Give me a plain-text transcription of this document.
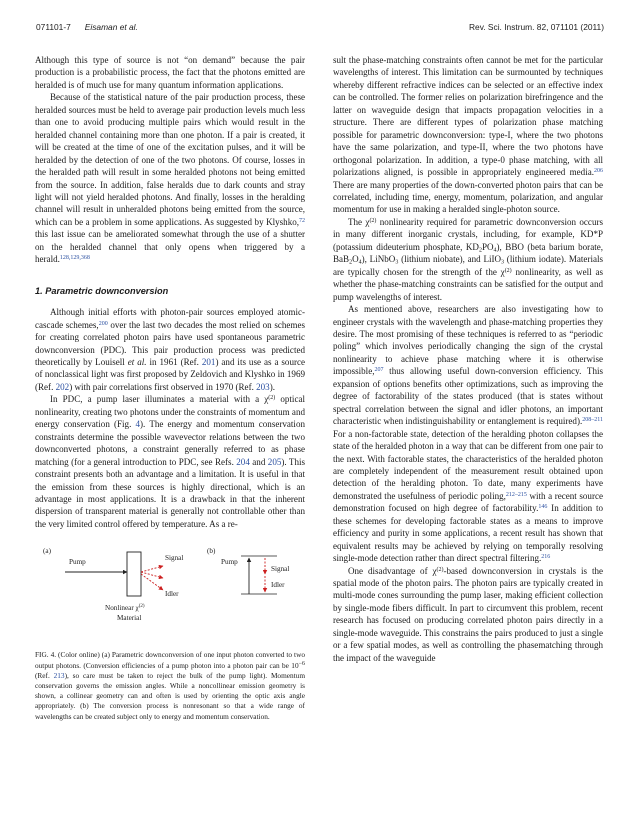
071101-7 Eisaman et al.	Rev. Sci. Instrum. 82, 071101 (2011)

Although this type of source is not “on demand” because the pair production is a probabilistic process, the fact that the photons emitted are heralded is of much use for many quantum information applications.

Because of the statistical nature of the pair production process, these heralded sources must be held to average pair production levels much less than one to avoid producing multiple pairs which would result in the heralded channel containing more than one photon. If a pair is created, it will be created at the time of one of the excitation pulses, and it will be heralded by the detection of one of the two photons. Of course, losses in the heralded path will result in some heralded photons not being emitted from the source. In addition, false heralds due to dark counts and stray light will not yield heralded photons. And finally, losses in the heralding channel will result in unheralded photons being emitted from the source, which can be a problem in some applications. As suggested by Klyshko,$^{72}$ this last issue can be ameliorated somewhat through the use of a shutter on the heralded channel that only opens when triggered by a herald.$^{128,129,368}$

1. Parametric downconversion

Although initial efforts with photon-pair sources employed atomic-cascade schemes,$^{200}$ over the last two decades the most relied on schemes for creating correlated photon pairs have used spontaneous parametric downconversion (PDC). This pair production process was predicted theoretically by Louisell et al. in 1961 (Ref. 201) and its use as a source of nonclassical light was first proposed by Zeldovich and Klyshko in 1969 (Ref. 202) with pair correlations first observed in 1970 (Ref. 203).

In PDC, a pump laser illuminates a material with a $\chi^{(2)}$ optical nonlinearity, creating two photons under the constraints of momentum and energy conservation (Fig. 4). The energy and momentum conservation constraints determine the possible wavevector relations between the two downconverted photons, a constraint generally referred to as phase matching (for a general introduction to PDC, see Refs. 204 and 205). This constraint presents both an advantage and a limitation. It is useful in that the emission from these sources is highly directional, which is an advantage in most applications. It is a drawback in that the inherent dispersion of transparent material is generally not controllable other than the very limited control offered by temperature. As a re-

(a)
Pump	Signal
Idler
Nonlinear $\chi^{(2)}$
Material
(b)
Pump
Signal
Idler
FIG. 4. (Color online) (a) Parametric downconversion of one input photon converted to two output photons. (Conversion efficiencies of a pump photon into a photon pair can be $10^{-6}$ (Ref. 213), so care must be taken to reject the bulk of the pump light). Momentum conservation governs the emission angles. While a noncollinear emission geometry is shown, a collinear geometry can and often is used by orienting the optic axis angle appropriately. (b) The conversion process is nonresonant so that a wide range of wavelengths can be created subject only to energy and momentum conservation.

sult the phase-matching constraints often cannot be met for the particular wavelengths of interest. This limitation can be surmounted by techniques whereby different refractive indices can be selected or an effective index can be controlled. The former relies on polarization birefringence and the latter on waveguide design that impacts propagation velocities in a structure. There are different types of polarization phase matching possible for parametric downconversion: type-I, where the two photons have the same polarization, and type-II, where the two photons have orthogonal polarization. In addition, a type-0 phase matching, with all polarizations aligned, is possible in appropriately engineered media.$^{206}$ There are many properties of the down-converted photon pairs that can be correlated, including time, energy, momentum, polarization, and angular momentum for use in making a heralded single-photon source.

The $\chi^{(2)}$ nonlinearity required for parametric downconversion occurs in many different inorganic crystals, including, for example, KD*P (potassium dideuterium phosphate, $KD_2PO_4$), BBO (beta barium borate, $BaB_2O_4$), LiNbO$_3$ (lithium niobate), and LiIO$_3$ (lithium iodate). Materials are typically chosen for the strength of the $\chi^{(2)}$ nonlinearity, as well as whether the phase-matching constraints can be satisfied for the output and pump wavelengths of interest.

As mentioned above, researchers are also investigating how to engineer crystals with the wavelength and phase-matching properties they desire. The most promising of these techniques is referred to as “periodic poling” which involves periodically changing the sign of the crystal nonlinearity to achieve phase matching where it is otherwise impossible,$^{207}$ thus allowing useful down-conversion efficiency. This expansion of options benefits other optimizations, such as improving the degree of factorability of the states produced (that is states without spectral correlation between the signal and idler photons, an important characteristic when indistinguishability or entanglement is required).$^{208-211}$ For a non-factorable state, detection of the heralding photon collapses the state of the heralded photon in a way that can be different from one pair to the next. With factorable states, the characteristics of the heralded photon are completely independent of the measurement result obtained upon detection of the heralding photon. To date, many experiments have demonstrated the usefulness of periodic poling,$^{212-215}$ with a recent source demonstration focused on high degree of factorability.$^{146}$ In addition to these schemes for developing factorable states as a means to improve efficiency and purity in some applications, a recent result has shown that equivalent results may be achieved by relying on temporally resolving single-mode detection rather than direct spectral filtering.$^{216}$

One disadvantage of $\chi^{(2)}$-based downconversion in crystals is the spatial mode of the photon pairs. The photon pairs are typically created in multi-mode cones surrounding the pump laser, making efficient collection by single-mode fibers difficult. In part to circumvent this problem, recent research has focused on producing correlated photon pairs directly in a single-mode waveguide. This constrains the pairs produced to just a single or a few spatial modes, as well as controlling the phasematching through the impact of the waveguide
